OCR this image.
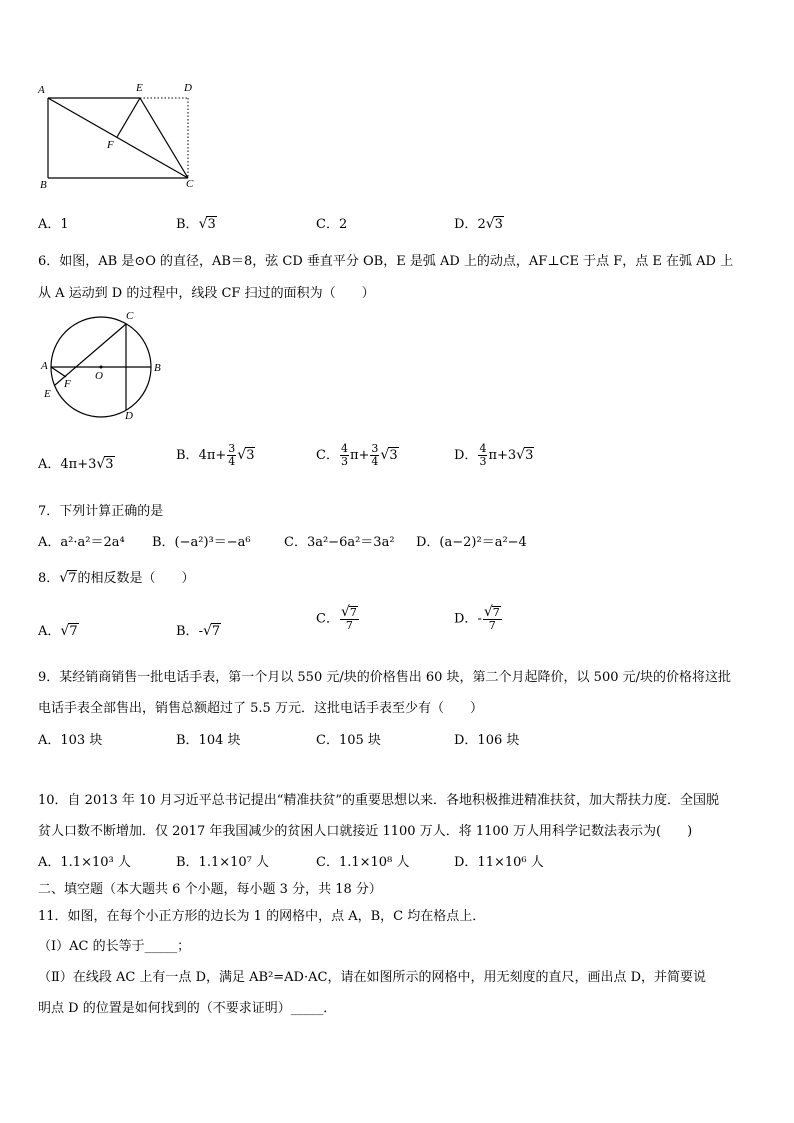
A	E	D
F
B	C
A．1	B．√3	C．2	D．2√3
6．如图，AB 是⊙O 的直径，AB＝8，弦 CD 垂直平分 OB，E 是弧 AD 上的动点，AF⊥CE 于点 F，点 E 在弧 AD 上
从 A 运动到 D 的过程中，线段 CF 扫过的面积为（　　）
C
A
O
B
F
E
D
A．4π+3√3
B．$4\pi+ \frac{3}{4} √3$	C． $\frac{4}{3} \pi+ \frac{3}{4} √3$	D． $\frac{4}{3} \pi+3√3$
7．下列计算正确的是
A．a²·a²＝2a⁴ B．(−a²)³＝−a⁶	C．3a²−6a²＝3a² D．(a−2)²＝a²−4
8．√7的相反数是（　　）
A．√7	B．-√7
C． $\frac{√7}{7}$	D．- $\frac{√7}{7}$
9．某经销商销售一批电话手表，第一个月以 550 元/块的价格售出 60 块，第二个月起降价，以 500 元/块的价格将这批
电话手表全部售出，销售总额超过了 5.5 万元．这批电话手表至少有（　　）
A．103 块	B．104 块	C．105 块	D．106 块
10．自 2013 年 10 月习近平总书记提出“精准扶贫”的重要思想以来．各地积极推进精准扶贫，加大帮扶力度．全国脱
贫人口数不断增加．仅 2017 年我国减少的贫困人口就接近 1100 万人．将 1100 万人用科学记数法表示为(　　)
A．1.1×10³ 人	B．1.1×10⁷ 人	C．1.1×10⁸ 人	D．11×10⁶ 人
二、填空题（本大题共 6 个小题，每小题 3 分，共 18 分）
11．如图，在每个小正方形的边长为 1 的网格中，点 A，B，C 均在格点上．
（Ⅰ）AC 的长等于_____；
（Ⅱ）在线段 AC 上有一点 D，满足 AB²=AD·AC，请在如图所示的网格中，用无刻度的直尺，画出点 D，并简要说
明点 D 的位置是如何找到的（不要求证明）_____．
